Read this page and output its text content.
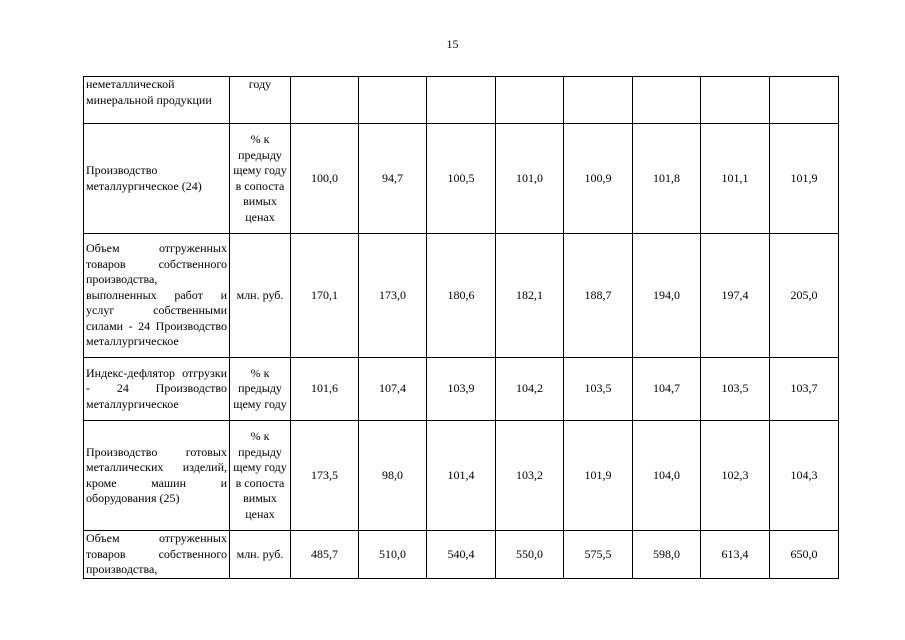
15
неметаллической минеральной продукции	году								
Производство металлургическое (24)	% к предыду щему году в сопоста вимых ценах	100,0	94,7	100,5	101,0	100,9	101,8	101,1	101,9
Объем отгруженных товаров собственного производства, выполненных работ и услуг собственными силами - 24 Производство металлургическое	млн. руб.	170,1	173,0	180,6	182,1	188,7	194,0	197,4	205,0
Индекс-дефлятор отгрузки - 24 Производство металлургическое	% к предыду щему году	101,6	107,4	103,9	104,2	103,5	104,7	103,5	103,7
Производство готовых металлических изделий, кроме машин и оборудования (25)	% к предыду щему году в сопоста вимых ценах	173,5	98,0	101,4	103,2	101,9	104,0	102,3	104,3
Объем отгруженных товаров собственного производства,	млн. руб.	485,7	510,0	540,4	550,0	575,5	598,0	613,4	650,0
